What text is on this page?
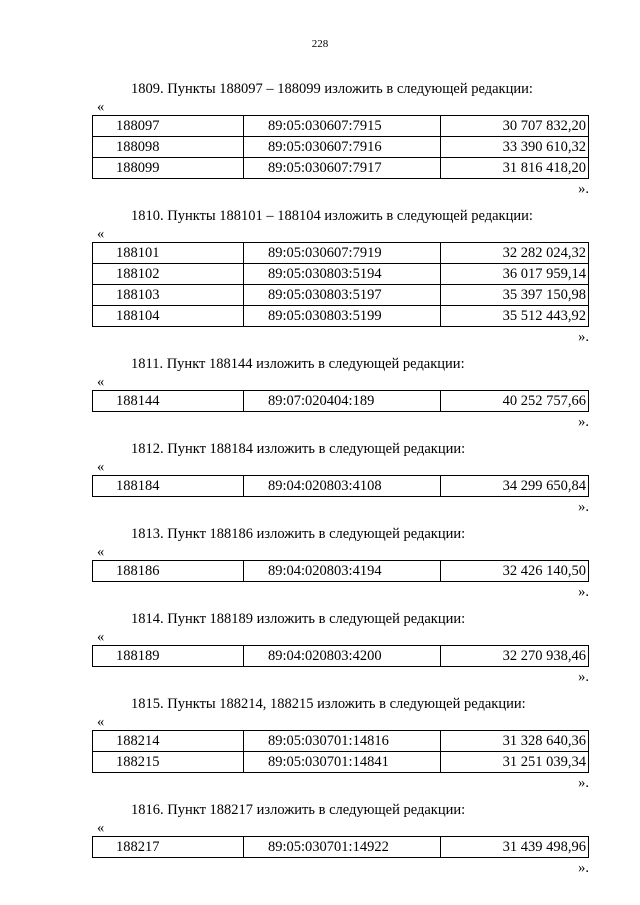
228
1809. Пункты 188097 – 188099 изложить в следующей редакции:
«
188097	89:05:030607:7915	30 707 832,20
188098	89:05:030607:7916	33 390 610,32
188099	89:05:030607:7917	31 816 418,20
».
1810. Пункты 188101 – 188104 изложить в следующей редакции:
«
188101	89:05:030607:7919	32 282 024,32
188102	89:05:030803:5194	36 017 959,14
188103	89:05:030803:5197	35 397 150,98
188104	89:05:030803:5199	35 512 443,92
».
1811. Пункт 188144 изложить в следующей редакции:
«
188144	89:07:020404:189	40 252 757,66
».
1812. Пункт 188184 изложить в следующей редакции:
«
188184	89:04:020803:4108	34 299 650,84
».
1813. Пункт 188186 изложить в следующей редакции:
«
188186	89:04:020803:4194	32 426 140,50
».
1814. Пункт 188189 изложить в следующей редакции:
«
188189	89:04:020803:4200	32 270 938,46
».
1815. Пункты 188214, 188215 изложить в следующей редакции:
«
188214	89:05:030701:14816	31 328 640,36
188215	89:05:030701:14841	31 251 039,34
».
1816. Пункт 188217 изложить в следующей редакции:
«
188217	89:05:030701:14922	31 439 498,96
».
